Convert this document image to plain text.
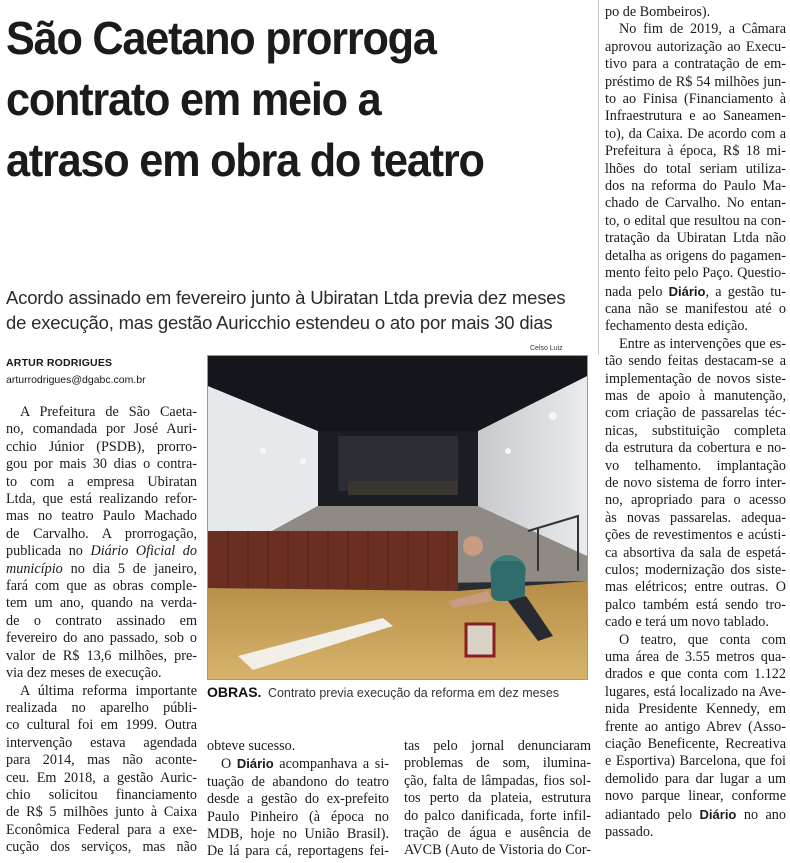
São Caetano prorroga
contrato em meio a
atraso em obra do teatro
Acordo assinado em fevereiro junto à Ubiratan Ltda previa dez meses
de execução, mas gestão Auricchio estendeu o ato por mais 30 dias
ARTUR RODRIGUES
arturrodrigues@dgabc.com.br
Celso Luiz
OBRAS. Contrato previa execução da reforma em dez meses

A Prefeitura de São Caeta-
no, comandada por José Auri-
cchio Júnior (PSDB), prorro-
gou por mais 30 dias o contra-
to com a empresa Ubiratan
Ltda, que está realizando refor-
mas no teatro Paulo Machado
de Carvalho. A prorrogação,
publicada no Diário Oficial do
município no dia 5 de janeiro,
fará com que as obras comple-
tem um ano, quando na verda-
de o contrato assinado em
fevereiro do ano passado, sob o
valor de R$ 13,6 milhões, pre-
via dez meses de execução.

A última reforma importante
realizada no aparelho públi-
co cultural foi em 1999. Outra
intervenção estava agendada
para 2014, mas não aconte-
ceu. Em 2018, a gestão Auric-
chio solicitou financiamento
de R$ 5 milhões junto à Caixa
Econômica Federal para a exe-
cução dos serviços, mas não

obteve sucesso.

O Diário acompanhava a si-
tuação de abandono do teatro
desde a gestão do ex-prefeito
Paulo Pinheiro (à época no
MDB, hoje no União Brasil).
De lá para cá, reportagens fei-

tas pelo jornal denunciaram
problemas de som, ilumina-
ção, falta de lâmpadas, fios sol-
tos perto da plateia, estrutura
do palco danificada, forte infil-
tração de água e ausência de
AVCB (Auto de Vistoria do Cor-

po de Bombeiros).

No fim de 2019, a Câmara
aprovou autorização ao Execu-
tivo para a contratação de em-
préstimo de R$ 54 milhões jun-
to ao Finisa (Financiamento à
Infraestrutura e ao Saneamen-
to), da Caixa. De acordo com a
Prefeitura à época, R$ 18 mi-
lhões do total seriam utiliza-
dos na reforma do Paulo Ma-
chado de Carvalho. No entan-
to, o edital que resultou na con-
tratação da Ubiratan Ltda não
detalha as origens do pagamen-
mento feito pelo Paço. Questio-
nada pelo Diário, a gestão tu-
cana não se manifestou até o
fechamento desta edição.

Entre as intervenções que es-
tão sendo feitas destacam-se a
implementação de novos siste-
mas de apoio à manutenção,
com criação de passarelas téc-
nicas, substituição completa
da estrutura da cobertura e no-
vo telhamento. implantação
de novo sistema de forro inter-
no, apropriado para o acesso
às novas passarelas. adequa-
ções de revestimentos e acústi-
ca absortiva da sala de espetá-
culos; modernização dos siste-
mas elétricos; entre outras. O
palco também está sendo tro-
cado e terá um novo tablado.

O teatro, que conta com
uma área de 3.55 metros qua-
drados e que conta com 1.122
lugares, está localizado na Ave-
nida Presidente Kennedy, em
frente ao antigo Abrev (Asso-
ciação Beneficente, Recreativa
e Esportiva) Barcelona, que foi
demolido para dar lugar a um
novo parque linear, conforme
adiantado pelo Diário no ano
passado.
